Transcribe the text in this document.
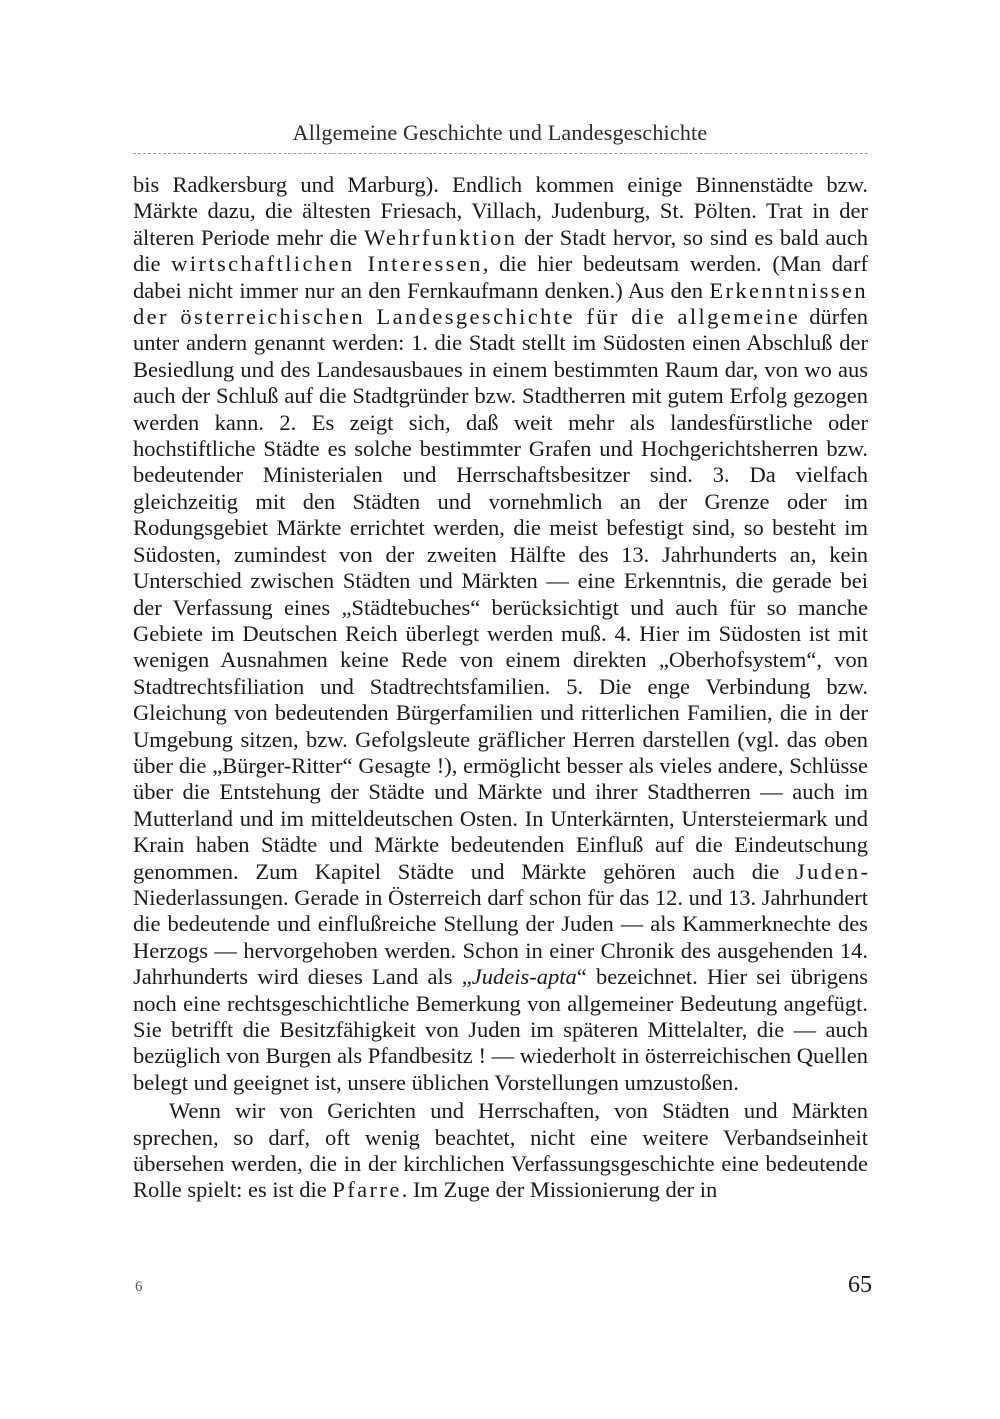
Allgemeine Geschichte und Landesgeschichte

bis Radkersburg und Marburg). Endlich kommen einige Binnenstädte bzw. Märkte dazu, die ältesten Friesach, Villach, Judenburg, St. Pölten. Trat in der älteren Periode mehr die Wehrfunktion der Stadt hervor, so sind es bald auch die wirtschaftlichen Interessen, die hier bedeutsam werden. (Man darf dabei nicht immer nur an den Fernkaufmann denken.) Aus den Erkenntnissen der österreichischen Landesgeschichte für die allgemeine dürfen unter andern genannt werden: 1. die Stadt stellt im Südosten einen Abschluß der Besiedlung und des Landesausbaues in einem bestimmten Raum dar, von wo aus auch der Schluß auf die Stadtgründer bzw. Stadtherren mit gutem Erfolg gezogen werden kann. 2. Es zeigt sich, daß weit mehr als landesfürstliche oder hochstiftliche Städte es solche bestimmter Grafen und Hochgerichtsherren bzw. bedeutender Ministerialen und Herrschaftsbesitzer sind. 3. Da vielfach gleichzeitig mit den Städten und vornehmlich an der Grenze oder im Rodungsgebiet Märkte errichtet werden, die meist befestigt sind, so besteht im Südosten, zumindest von der zweiten Hälfte des 13. Jahrhunderts an, kein Unterschied zwischen Städten und Märkten — eine Erkenntnis, die gerade bei der Verfassung eines „Städtebuches“ berücksichtigt und auch für so manche Gebiete im Deutschen Reich überlegt werden muß. 4. Hier im Südosten ist mit wenigen Ausnahmen keine Rede von einem direkten „Oberhofsystem“, von Stadtrechtsfiliation und Stadtrechtsfamilien. 5. Die enge Verbindung bzw. Gleichung von bedeutenden Bürgerfamilien und ritterlichen Familien, die in der Umgebung sitzen, bzw. Gefolgsleute gräflicher Herren darstellen (vgl. das oben über die „Bürger-Ritter“ Gesagte !), ermöglicht besser als vieles andere, Schlüsse über die Entstehung der Städte und Märkte und ihrer Stadtherren — auch im Mutterland und im mitteldeutschen Osten. In Unterkärnten, Untersteiermark und Krain haben Städte und Märkte bedeutenden Einfluß auf die Eindeutschung genommen. Zum Kapitel Städte und Märkte gehören auch die Juden-Niederlassungen. Gerade in Österreich darf schon für das 12. und 13. Jahrhundert die bedeutende und einflußreiche Stellung der Juden — als Kammerknechte des Herzogs — hervorgehoben werden. Schon in einer Chronik des ausgehenden 14. Jahrhunderts wird dieses Land als „Judeis-apta“ bezeichnet. Hier sei übrigens noch eine rechtsgeschichtliche Bemerkung von allgemeiner Bedeutung angefügt. Sie betrifft die Besitzfähigkeit von Juden im späteren Mittelalter, die — auch bezüglich von Burgen als Pfandbesitz ! — wiederholt in österreichischen Quellen belegt und geeignet ist, unsere üblichen Vorstellungen umzustoßen.

Wenn wir von Gerichten und Herrschaften, von Städten und Märkten sprechen, so darf, oft wenig beachtet, nicht eine weitere Verbandseinheit übersehen werden, die in der kirchlichen Verfassungsgeschichte eine bedeutende Rolle spielt: es ist die Pfarre. Im Zuge der Missionierung der in

6	65
